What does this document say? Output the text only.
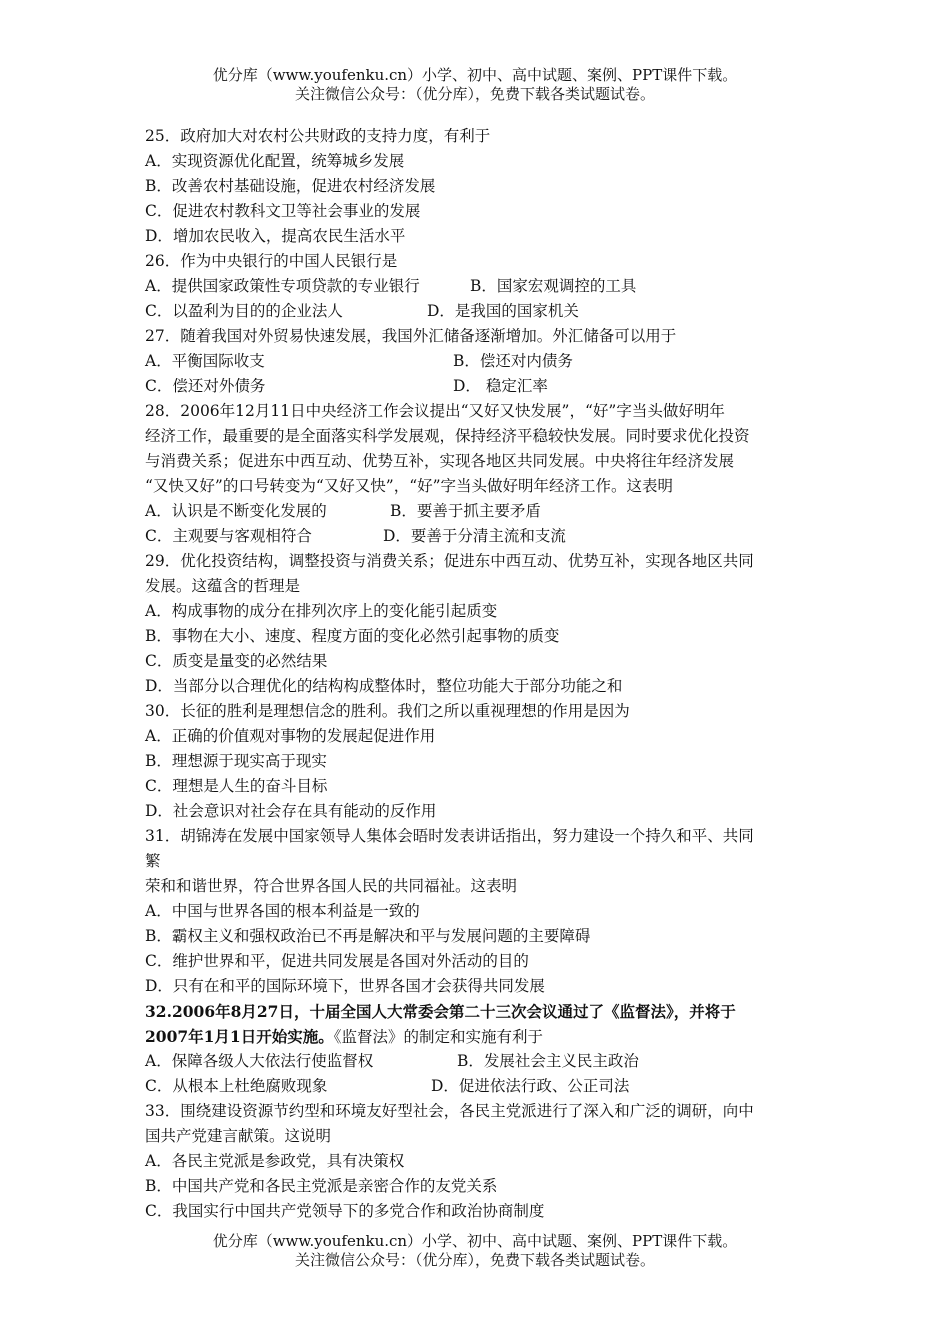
优分库（www.youfenku.cn）小学、初中、高中试题、案例、PPT课件下载。
关注微信公众号：（优分库），免费下载各类试题试卷。
25．政府加大对农村公共财政的支持力度，有利于
A．实现资源优化配置，统筹城乡发展
B．改善农村基础设施，促进农村经济发展
C．促进农村教科文卫等社会事业的发展
D．增加农民收入，提高农民生活水平
26．作为中央银行的中国人民银行是
A．提供国家政策性专项贷款的专业银行	B．国家宏观调控的工具
C．以盈利为目的的企业法人	D．是我国的国家机关
27．随着我国对外贸易快速发展，我国外汇储备逐渐增加。外汇储备可以用于
A．平衡国际收支	B．偿还对内债务
C．偿还对外债务	D． 稳定汇率
28．2006年12月11日中央经济工作会议提出“又好又快发展”，“好”字当头做好明年
经济工作，最重要的是全面落实科学发展观，保持经济平稳较快发展。同时要求优化投资
与消费关系；促进东中西互动、优势互补，实现各地区共同发展。中央将往年经济发展
“又快又好”的口号转变为“又好又快”，“好”字当头做好明年经济工作。这表明
A．认识是不断变化发展的	B．要善于抓主要矛盾
C．主观要与客观相符合	D．要善于分清主流和支流
29．优化投资结构，调整投资与消费关系；促进东中西互动、优势互补，实现各地区共同
发展。这蕴含的哲理是
A．构成事物的成分在排列次序上的变化能引起质变
B．事物在大小、速度、程度方面的变化必然引起事物的质变
C．质变是量变的必然结果
D．当部分以合理优化的结构构成整体时，整位功能大于部分功能之和
30．长征的胜利是理想信念的胜利。我们之所以重视理想的作用是因为
A．正确的价值观对事物的发展起促进作用
B．理想源于现实高于现实
C．理想是人生的奋斗目标
D．社会意识对社会存在具有能动的反作用
31．胡锦涛在发展中国家领导人集体会晤时发表讲话指出，努力建设一个持久和平、共同
繁
荣和和谐世界，符合世界各国人民的共同福祉。这表明
A．中国与世界各国的根本利益是一致的
B．霸权主义和强权政治已不再是解决和平与发展问题的主要障碍
C．维护世界和平，促进共同发展是各国对外活动的目的
D．只有在和平的国际环境下，世界各国才会获得共同发展
32.2006年8月27日，十届全国人大常委会第二十三次会议通过了《监督法》，并将于
2007年1月1日开始实施。《监督法》的制定和实施有利于
A．保障各级人大依法行使监督权	B．发展社会主义民主政治
C．从根本上杜绝腐败现象	D．促进依法行政、公正司法
33．围绕建设资源节约型和环境友好型社会，各民主党派进行了深入和广泛的调研，向中
国共产党建言献策。这说明
A．各民主党派是参政党，具有决策权
B．中国共产党和各民主党派是亲密合作的友党关系
C．我国实行中国共产党领导下的多党合作和政治协商制度
优分库（www.youfenku.cn）小学、初中、高中试题、案例、PPT课件下载。
关注微信公众号：（优分库），免费下载各类试题试卷。
